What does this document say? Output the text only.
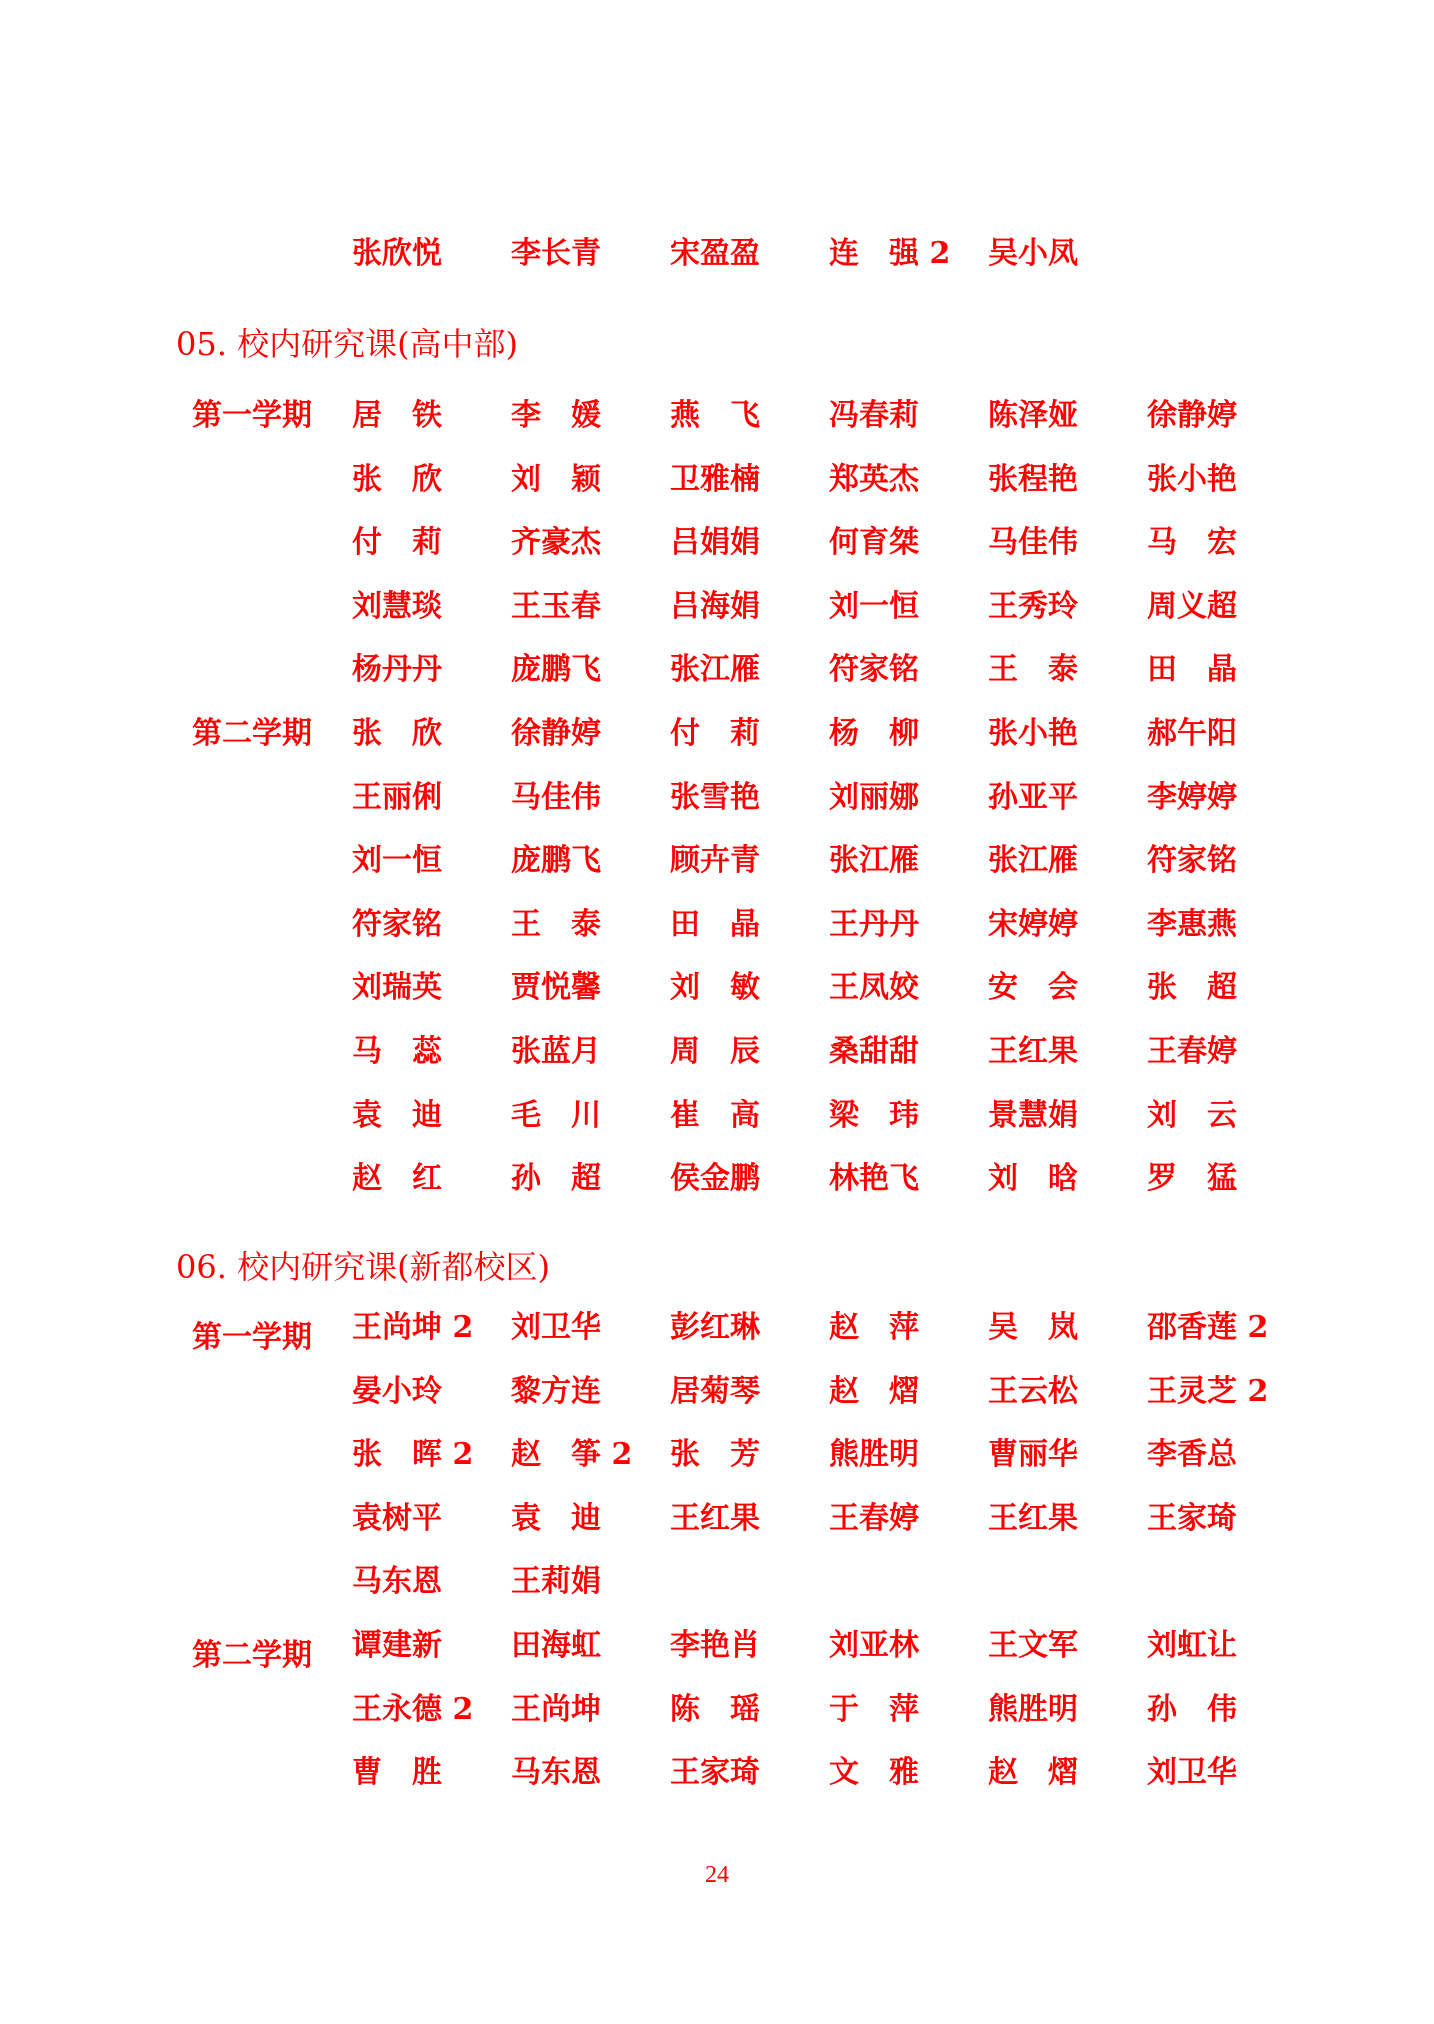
05. 校内研究课(高中部)
第一学期
第二学期
06. 校内研究课(新都校区)
第一学期
第二学期
张欣悦 李长青 宋盈盈 连　强 2 吴小凤
居　铁 李　媛 燕　飞 冯春莉 陈泽娅 徐静婷
张　欣 刘　颖 卫雅楠 郑英杰 张程艳 张小艳
付　莉 齐豪杰 吕娟娟 何育桀 马佳伟 马　宏
刘慧琰 王玉春 吕海娟 刘一恒 王秀玲 周义超
杨丹丹 庞鹏飞 张江雁 符家铭 王　泰 田　晶
张　欣 徐静婷 付　莉 杨　柳 张小艳 郝午阳
王丽俐 马佳伟 张雪艳 刘丽娜 孙亚平 李婷婷
刘一恒 庞鹏飞 顾卉青 张江雁 张江雁 符家铭
符家铭 王　泰 田　晶 王丹丹 宋婷婷 李惠燕
刘瑞英 贾悦馨 刘　敏 王凤姣 安　会 张　超
马　蕊 张蓝月 周　辰 桑甜甜 王红果 王春婷
袁　迪 毛　川 崔　高 梁　玮 景慧娟 刘　云
赵　红 孙　超 侯金鹏 林艳飞 刘　晗 罗　猛
王尚坤 2 刘卫华 彭红琳 赵　萍 吴　岚 邵香莲 2
晏小玲 黎方连 居菊琴 赵　熠 王云松 王灵芝 2
张　晖 2 赵　筝 2 张　芳 熊胜明 曹丽华 李香总
袁树平 袁　迪 王红果 王春婷 王红果 王家琦
马东恩 王莉娟
谭建新 田海虹 李艳肖 刘亚林 王文军 刘虹让
王永德 2 王尚坤 陈　瑶 于　萍 熊胜明 孙　伟
曹　胜 马东恩 王家琦 文　雅 赵　熠 刘卫华
24
